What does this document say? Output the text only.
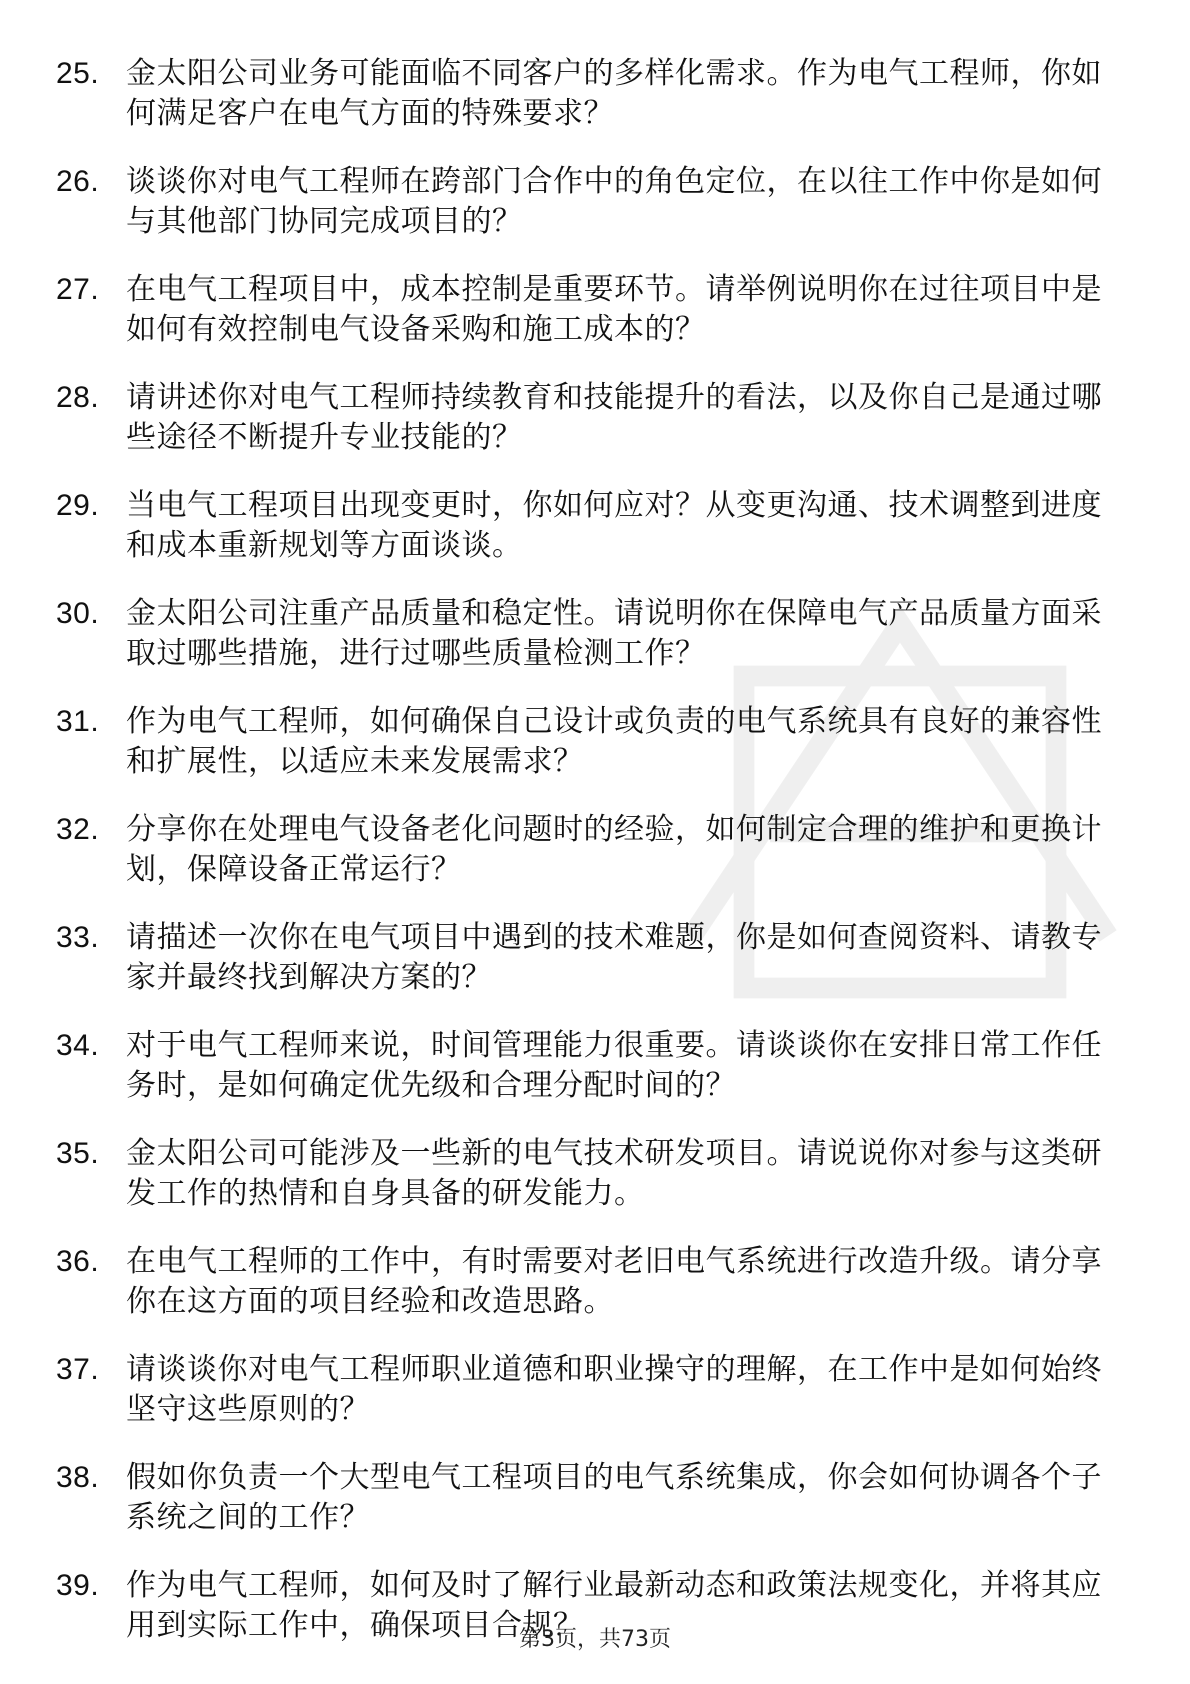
25. 金太阳公司业务可能面临不同客户的多样化需求。作为电气工程师，你如何满足客户在电气方面的特殊要求？
26. 谈谈你对电气工程师在跨部门合作中的角色定位，在以往工作中你是如何与其他部门协同完成项目的？
27. 在电气工程项目中，成本控制是重要环节。请举例说明你在过往项目中是如何有效控制电气设备采购和施工成本的？
28. 请讲述你对电气工程师持续教育和技能提升的看法，以及你自己是通过哪些途径不断提升专业技能的？
29. 当电气工程项目出现变更时，你如何应对？从变更沟通、技术调整到进度和成本重新规划等方面谈谈。
30. 金太阳公司注重产品质量和稳定性。请说明你在保障电气产品质量方面采取过哪些措施，进行过哪些质量检测工作？
31. 作为电气工程师，如何确保自己设计或负责的电气系统具有良好的兼容性和扩展性，以适应未来发展需求？
32. 分享你在处理电气设备老化问题时的经验，如何制定合理的维护和更换计划，保障设备正常运行？
33. 请描述一次你在电气项目中遇到的技术难题，你是如何查阅资料、请教专家并最终找到解决方案的？
34. 对于电气工程师来说，时间管理能力很重要。请谈谈你在安排日常工作任务时，是如何确定优先级和合理分配时间的？
35. 金太阳公司可能涉及一些新的电气技术研发项目。请说说你对参与这类研发工作的热情和自身具备的研发能力。
36. 在电气工程师的工作中，有时需要对老旧电气系统进行改造升级。请分享你在这方面的项目经验和改造思路。
37. 请谈谈你对电气工程师职业道德和职业操守的理解，在工作中是如何始终坚守这些原则的？
38. 假如你负责一个大型电气工程项目的电气系统集成，你会如何协调各个子系统之间的工作？
39. 作为电气工程师，如何及时了解行业最新动态和政策法规变化，并将其应用到实际工作中，确保项目合规？
第3页，共73页
